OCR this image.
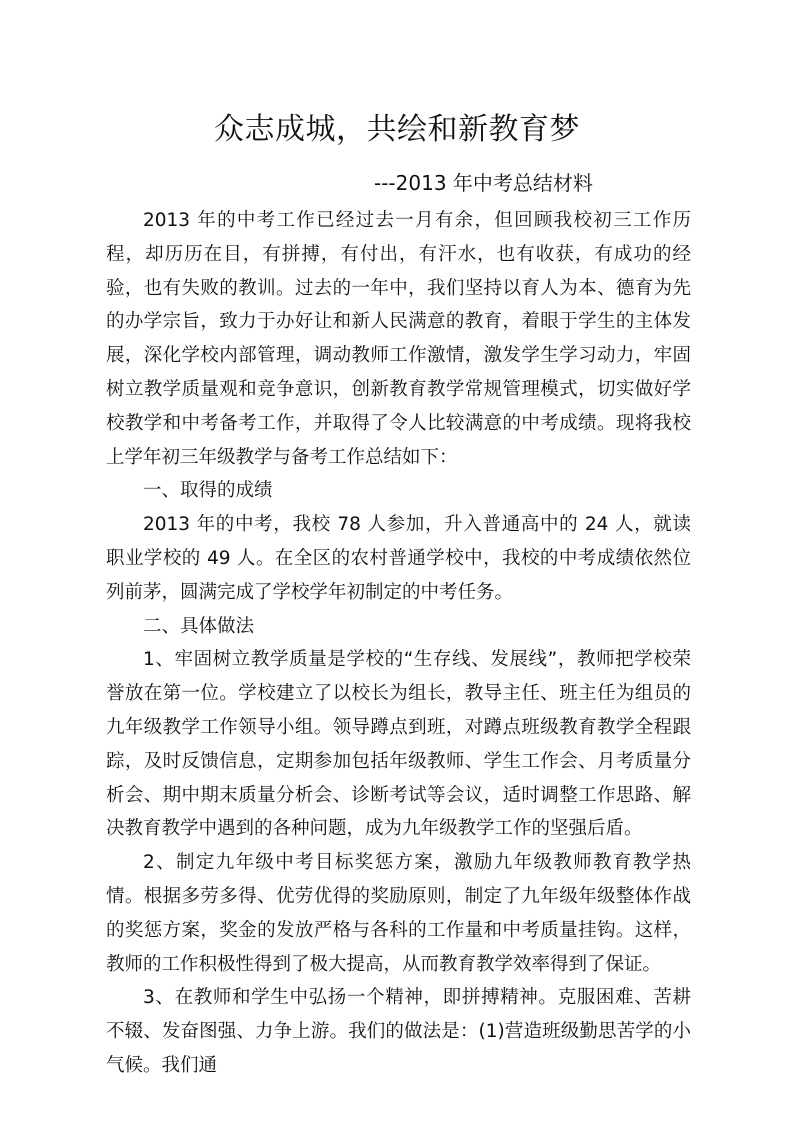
众志成城，共绘和新教育梦
---2013 年中考总结材料

2013 年的中考工作已经过去一月有余，但回顾我校初三工作历程，却历历在目，有拼搏，有付出，有汗水，也有收获，有成功的经验，也有失败的教训。过去的一年中，我们坚持以育人为本、德育为先的办学宗旨，致力于办好让和新人民满意的教育，着眼于学生的主体发展，深化学校内部管理，调动教师工作激情，激发学生学习动力，牢固树立教学质量观和竞争意识，创新教育教学常规管理模式，切实做好学校教学和中考备考工作，并取得了令人比较满意的中考成绩。现将我校上学年初三年级教学与备考工作总结如下：

一、取得的成绩

2013 年的中考，我校 78 人参加，升入普通高中的 24 人，就读职业学校的 49 人。在全区的农村普通学校中，我校的中考成绩依然位列前茅，圆满完成了学校学年初制定的中考任务。

二、具体做法

1、牢固树立教学质量是学校的“生存线、发展线”，教师把学校荣誉放在第一位。学校建立了以校长为组长，教导主任、班主任为组员的九年级教学工作领导小组。领导蹲点到班，对蹲点班级教育教学全程跟踪，及时反馈信息，定期参加包括年级教师、学生工作会、月考质量分析会、期中期末质量分析会、诊断考试等会议，适时调整工作思路、解决教育教学中遇到的各种问题，成为九年级教学工作的坚强后盾。

2、制定九年级中考目标奖惩方案，激励九年级教师教育教学热情。根据多劳多得、优劳优得的奖励原则，制定了九年级年级整体作战的奖惩方案，奖金的发放严格与各科的工作量和中考质量挂钩。这样，教师的工作积极性得到了极大提高，从而教育教学效率得到了保证。

3、在教师和学生中弘扬一个精神，即拼搏精神。克服困难、苦耕不辍、发奋图强、力争上游。我们的做法是：(1)营造班级勤思苦学的小气候。我们通
